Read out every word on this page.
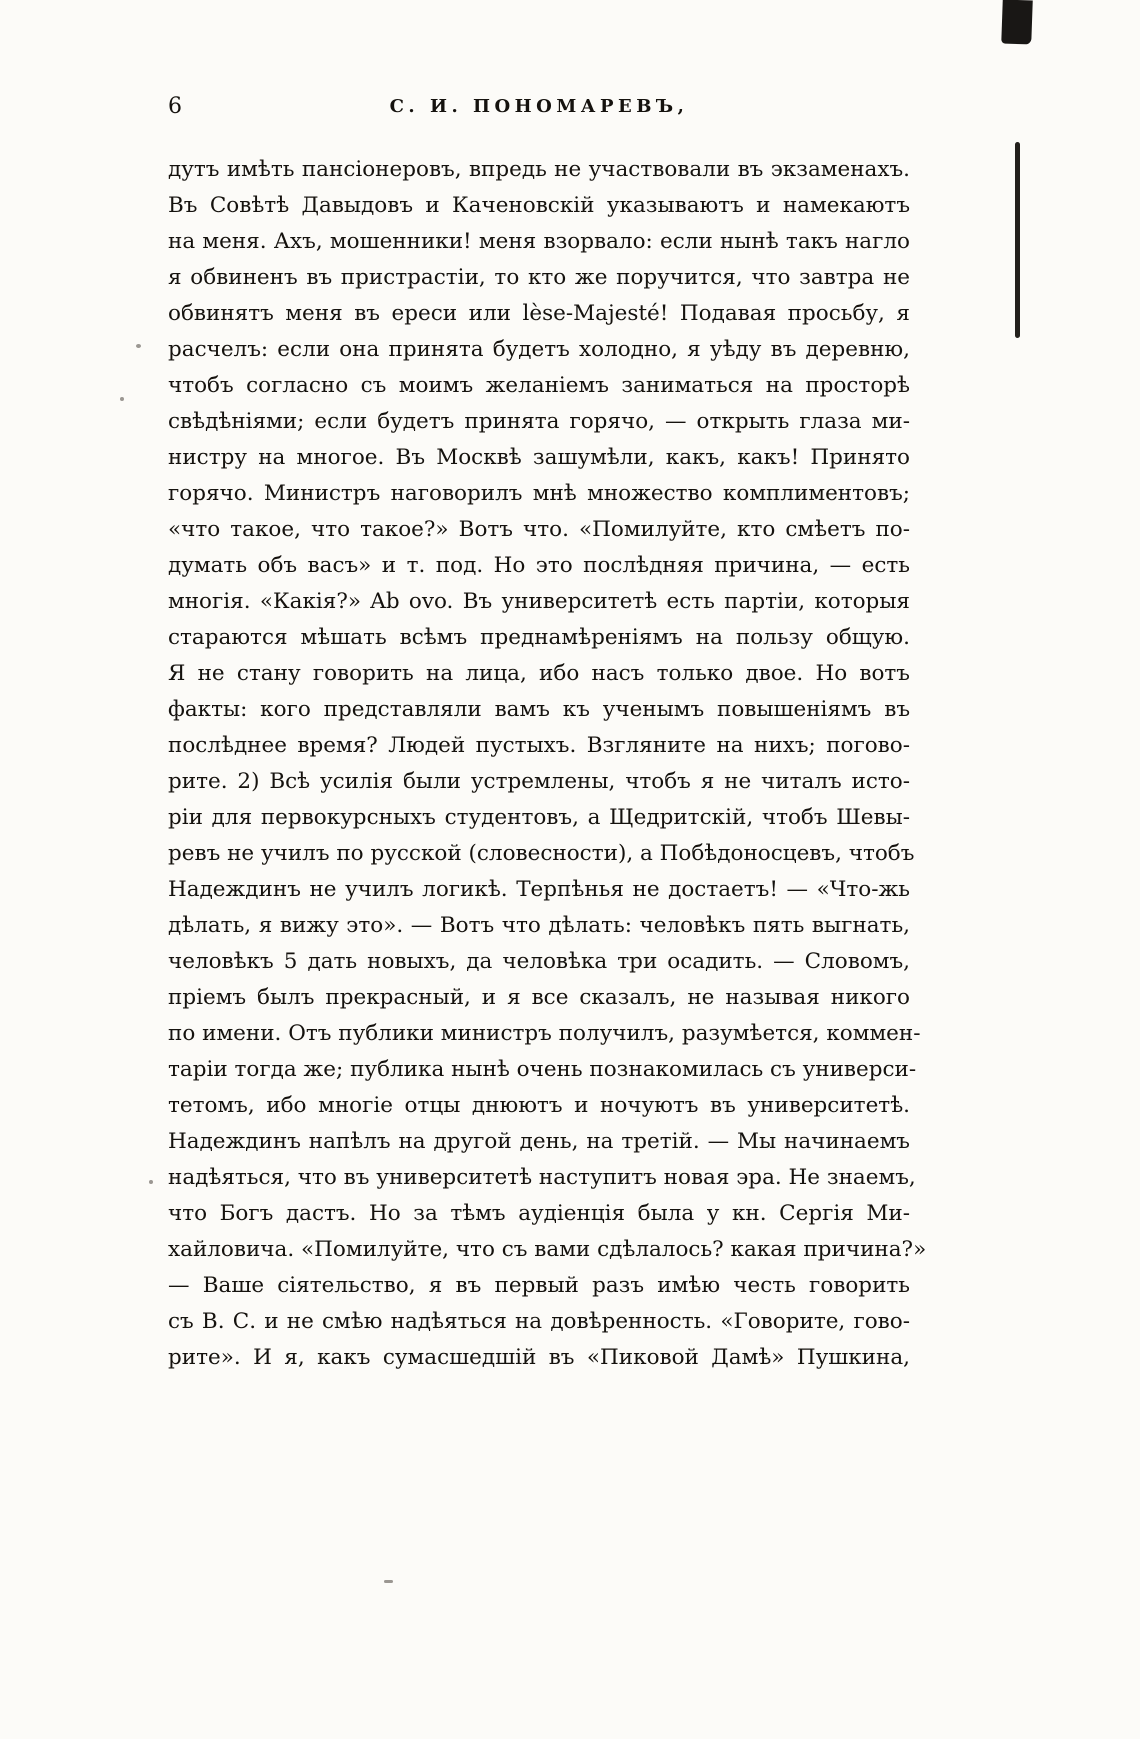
6	С. И. ПОНОМАРЕВЪ,
дутъ имѣть пансіонеровъ, впредь не участвовали въ экзаменахъ.
Въ Совѣтѣ Давыдовъ и Каченовскій указываютъ и намекаютъ
на меня. Ахъ, мошенники! меня взорвало: если нынѣ такъ нагло
я обвиненъ въ пристрастіи, то кто же поручится, что завтра не
обвинятъ меня въ ереси или lèse-Majesté! Подавая просьбу, я
расчелъ: если она принята будетъ холодно, я уѣду въ деревню,
чтобъ согласно съ моимъ желаніемъ заниматься на просторѣ
свѣдѣніями; если будетъ принята горячо, — открыть глаза ми-
нистру на многое. Въ Москвѣ зашумѣли, какъ, какъ! Принято
горячо. Министръ наговорилъ мнѣ множество комплиментовъ;
«что такое, что такое?» Вотъ что. «Помилуйте, кто смѣетъ по-
думать объ васъ» и т. под. Но это послѣдняя причина, — есть
многія. «Какія?» Ab ovo. Въ университетѣ есть партіи, которыя
стараются мѣшать всѣмъ преднамѣреніямъ на пользу общую.
Я не стану говорить на лица, ибо насъ только двое. Но вотъ
факты: кого представляли вамъ къ ученымъ повышеніямъ въ
послѣднее время? Людей пустыхъ. Взгляните на нихъ; погово-
рите. 2) Всѣ усилія были устремлены, чтобъ я не читалъ исто-
ріи для первокурсныхъ студентовъ, а Щедритскій, чтобъ Шевы-
ревъ не училъ по русской (словесности), а Побѣдоносцевъ, чтобъ
Надеждинъ не училъ логикѣ. Терпѣнья не достаетъ! — «Что-жь
дѣлать, я вижу это». — Вотъ что дѣлать: человѣкъ пять выгнать,
человѣкъ 5 дать новыхъ, да человѣка три осадить. — Словомъ,
пріемъ былъ прекрасный, и я все сказалъ, не называя никого
по имени. Отъ публики министръ получилъ, разумѣется, коммен-
таріи тогда же; публика нынѣ очень познакомилась съ универси-
тетомъ, ибо многіе отцы днюютъ и ночуютъ въ университетѣ.
Надеждинъ напѣлъ на другой день, на третій. — Мы начинаемъ
надѣяться, что въ университетѣ наступитъ новая эра. Не знаемъ,
что Богъ дастъ. Но за тѣмъ аудіенція была у кн. Сергія Ми-
хайловича. «Помилуйте, что съ вами сдѣлалось? какая причина?»
— Ваше сіятельство, я въ первый разъ имѣю честь говорить
съ В. С. и не смѣю надѣяться на довѣренность. «Говорите, гово-
рите». И я, какъ сумасшедшій въ «Пиковой Дамѣ» Пушкина,
